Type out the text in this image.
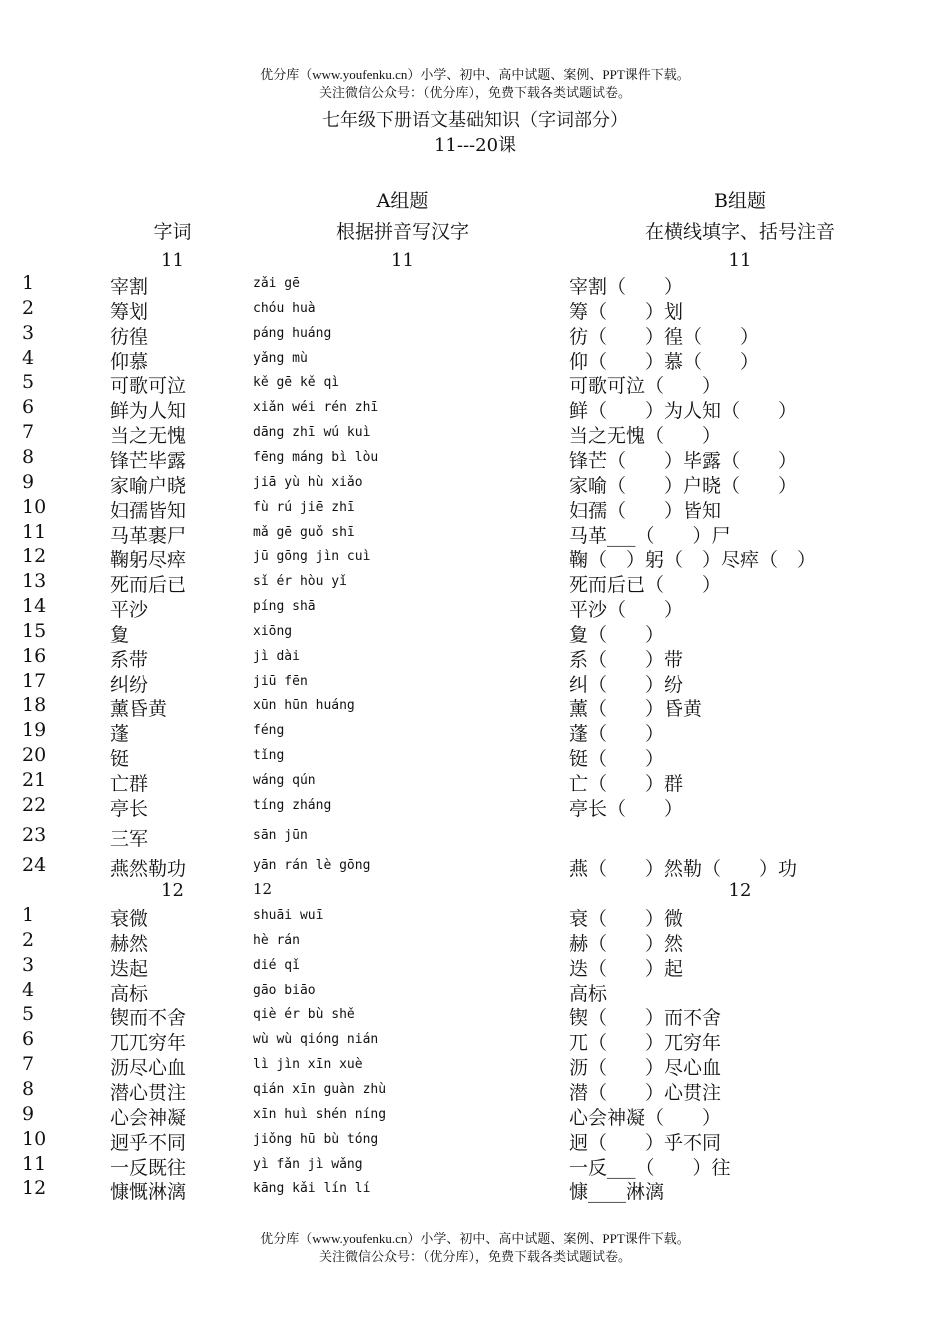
优分库（www.youfenku.cn）小学、初中、高中试题、案例、PPT课件下载。
关注微信公众号：（优分库），免费下载各类试题试卷。
七年级下册语文基础知识（字词部分）
11---20课
A组题	B组题
字词	根据拼音写汉字	在横线填字、括号注音
11	11	11
1	宰割	zǎi gē	宰割（　　）
2	筹划	chóu huà	筹（　　）划
3	彷徨	páng huáng	彷（　　）徨（　　）
4	仰慕	yǎng mù	仰（　　）慕（　　）
5	可歌可泣	kě gē kě qì	可歌可泣（　　）
6	鲜为人知	xiǎn wéi rén zhī	鲜（　　）为人知（　　）
7	当之无愧	dāng zhī wú kuì	当之无愧（　　）
8	锋芒毕露	fēng máng bì lòu	锋芒（　　）毕露（　　）
9	家喻户晓	jiā yù hù xiǎo	家喻（　　）户晓（　　）
10	妇孺皆知	fù rú jiē zhī	妇孺（　　）皆知
11	马革裹尸	mǎ gē guǒ shī	马革___（　　）尸
12	鞠躬尽瘁	jū gōng jìn cuì	鞠（　）躬（　）尽瘁（　）
13	死而后已	sǐ ér hòu yǐ	死而后已（　　）
14	平沙	píng shā	平沙（　　）
15	夐	xiōng	夐（　　）
16	系带	jì dài	系（　　）带
17	纠纷	jiū fēn	纠（　　）纷
18	薰昏黄	xūn hūn huáng	薰（　　）昏黄
19	蓬	féng	蓬（　　）
20	铤	tǐng	铤（　　）
21	亡群	wáng qún	亡（　　）群
22	亭长	tíng zháng	亭长（　　）
23	三军	sān jūn
24	燕然勒功	yān rán lè gōng	燕（　　）然勒（　　）功
12	12	12
1	衰微	shuāi wuī	衰（　　）微
2	赫然	hè rán	赫（　　）然
3	迭起	dié qǐ	迭（　　）起
4	高标	gāo biāo	高标
5	锲而不舍	qiè ér bù shě	锲（　　）而不舍
6	兀兀穷年	wù wù qióng nián	兀（　　）兀穷年
7	沥尽心血	lì jìn xīn xuè	沥（　　）尽心血
8	潜心贯注	qián xīn guàn zhù	潜（　　）心贯注
9	心会神凝	xīn huì shén níng	心会神凝（　　）
10	迥乎不同	jiǒng hū bù tóng	迥（　　）乎不同
11	一反既往	yì fǎn jì wǎng	一反___（　　）往
12	慷慨淋漓	kāng kǎi lín lí	慷____淋漓
优分库（www.youfenku.cn）小学、初中、高中试题、案例、PPT课件下载。
关注微信公众号：（优分库），免费下载各类试题试卷。
